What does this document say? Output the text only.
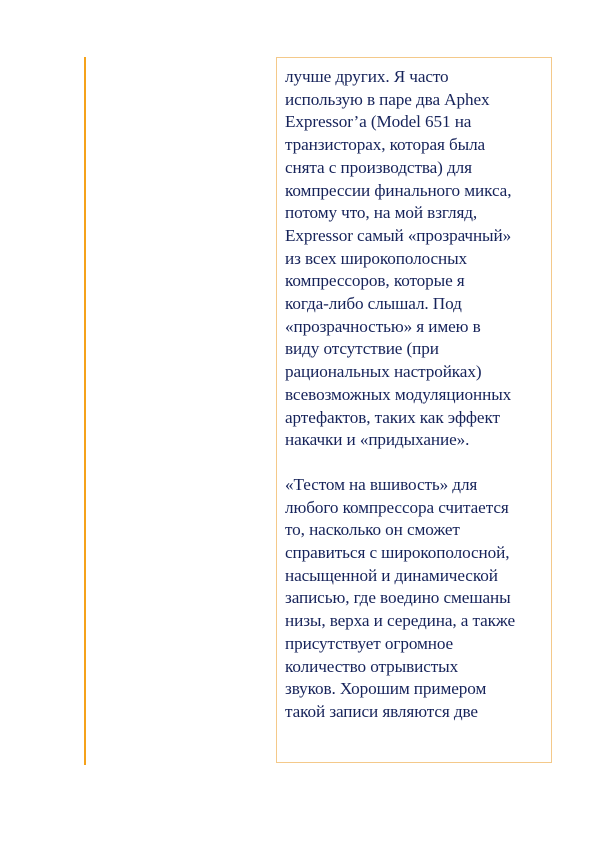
лучше других. Я часто
использую в паре два Aphex
Expressor’a (Model 651 на
транзисторах, которая была
снята с производства) для
компрессии финального микса,
потому что, на мой взгляд,
Expressor самый «прозрачный»
из всех широкополосных
компрессоров, которые я
когда-либо слышал. Под
«прозрачностью» я имею в
виду отсутствие (при
рациональных настройках)
всевозможных модуляционных
артефактов, таких как эффект
накачки и «придыхание».

«Тестом на вшивость» для
любого компрессора считается
то, насколько он сможет
справиться с широкополосной,
насыщенной и динамической
записью, где воедино смешаны
низы, верха и середина, а также
присутствует огромное
количество отрывистых
звуков. Хорошим примером
такой записи являются две
